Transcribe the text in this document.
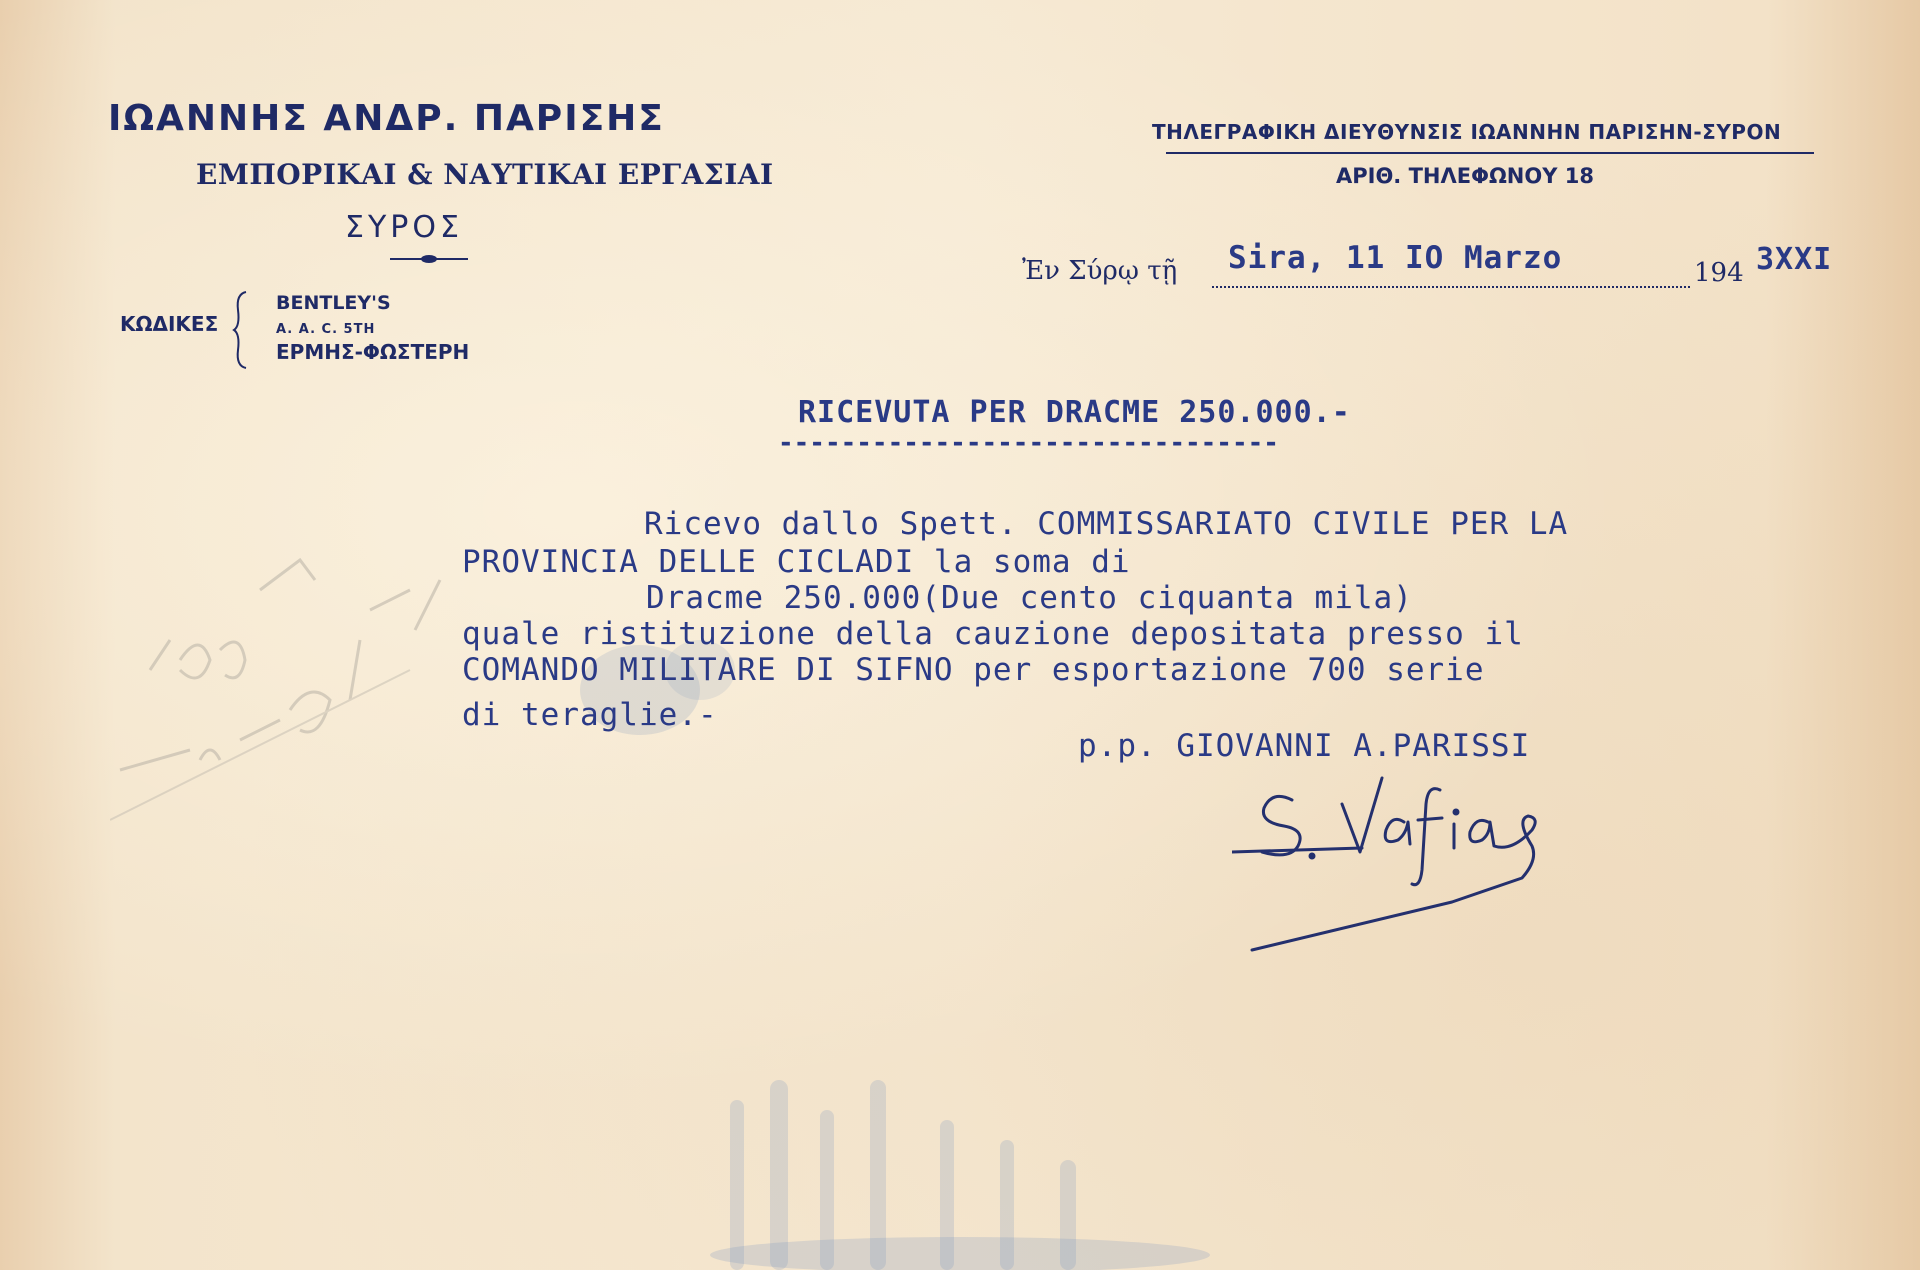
ΙΩΑΝΝΗΣ ΑΝΔΡ. ΠΑΡΙΣΗΣ
ΕΜΠΟΡΙΚΑΙ & ΝΑΥΤΙΚΑΙ ΕΡΓΑΣΙΑΙ
ΣΥΡΟΣ
ΚΩΔΙΚΕΣ
BENTLEY'S
A. A. C. 5TH
ΕΡΜΗΣ-ΦΩΣΤΕΡΗ
ΤΗΛΕΓΡΑΦΙΚΗ ΔΙΕΥΘΥΝΣΙΣ ΙΩΑΝΝΗΝ ΠΑΡΙΣΗΝ-ΣΥΡΟΝ
ΑΡΙΘ. ΤΗΛΕΦΩΝΟΥ 18
Ἐν Σύρῳ τῇ Sira, 11 IO Marzo	194 3XXI
RICEVUTA PER DRACME 250.000.-
--------------------------------
Ricevo dallo Spett. COMMISSARIATO CIVILE PER LA
PROVINCIA DELLE CICLADI la soma di
Dracme 250.000(Due cento ciquanta mila)
quale ristituzione della cauzione depositata presso il
COMANDO MILITARE DI SIFNO per esportazione 700 serie
di teraglie.-
p.p. GIOVANNI A.PARISSI
